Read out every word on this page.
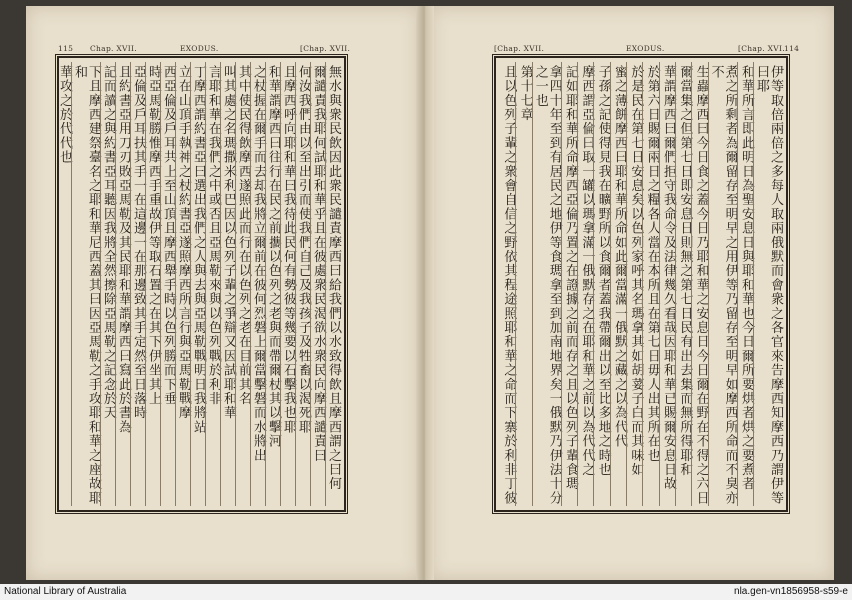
115 Chap. XVII.	EXODUS.	[Chap. XVII.	[Chap. XVII.	EXODUS.	[Chap. XVI. 114
無水與衆民飲因此衆民譴責摩西曰給我們以水致得飲且摩西謂之曰何
爾譴責我耶何試耶和華乎且在彼處衆民渴欲水衆民向摩西譴責曰
何汝我們由以至出引而使我們自己及我孩子及牲畜以渴死耶
且摩西呼向耶和華曰我待此民何有勢彼等幾要以石擊我也耶
和華謂摩西曰往行在民之前攜以色列之老與而帶爾杖其以擊河
之杖握在爾手而去却我將立爾前在彼何烈磐上爾當擊磐而水將出
其中使民得飲摩西遂照此而行在以色列之老在目前其名
叫其處之名瑪撒米利巴因以色列子輩之爭辯又因試耶和華
言耶和華在我們之中或否且亞馬勒來與以色列戰於利非
丁摩西謂約書亞曰選出我們之人與去與亞馬勒戰明日我將站
立在山頂手執神之杖約書亞遂照摩西所言行與亞馬勒戰摩
西亞倫及戶耳共上至山頂且摩西舉手時以色列勝而下垂
時亞馬勒勝惟摩西手重故伊等取石置之在其下伊坐其上
亞倫及戶耳扶其手一在這邊一在那邊致其手定然至日落時
且約書亞用刀刃敗亞馬勒及其民耶和華謂摩西曰寫此於書為
記而讀之與約書亞耳聽因我將全然擦除亞馬勒之記念於天
下且摩西建祭臺名之耶和華尼西蓋其曰因亞馬勒之手攻耶和華之座故耶和
華攻之於代代也	伊等取倍兩倍之多每人取兩俄默而會衆之各官來告摩西知摩西乃謂伊等曰耶
和華所言即此明日為聖安息日與耶和華也今日爾所要烘者烘之要煮者
煮之所剩者為爾留存至明早之用伊等乃留存至明早如摩西所命而不臭亦不
生蟲摩西曰今日食之蓋今日乃耶和華之安息日今日爾在野在不得之六日
爾當集之但第七日即安息日則無之第七日民有出去集而無所得耶和
華謂摩西曰爾們拒守我命令及法律幾久看哉因耶和華已賜爾安息日故
於第六日賜爾兩日之糧各人當在本所且在第七日毋人出其所在也
於是民在第七日安息矣以色列家呼其名瑪拿其如胡荽子白而其味如
蜜之薄餅摩西曰耶和華所命如此爾當滿一俄默之藏之以為代代
子孫之記使得見我在曠野所以食爾者蓋我帶爾出以至比多地之時也
摩西謂亞倫曰取一罐以瑪拿滿一俄默存之在耶和華之前以為代代之
記如耶和華所命摩西亞倫乃置之在證據之前而存之且以色列子輩食瑪
拿四十年至到有居民之地伊等食瑪拿至到加南地界矣一俄默乃伊法十分之一也
第十七章
且以色列子輩之衆會自信之野依其程途照耶和華之命而下寨於利非丁彼
National Library of Australia	nla.gen-vn1856958-s59-e
